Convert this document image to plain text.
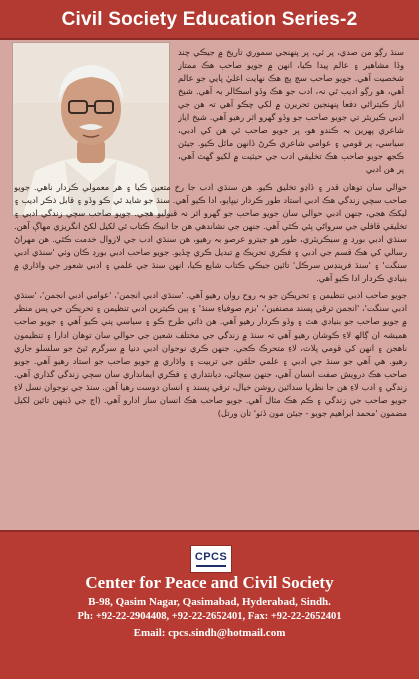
Civil Society Education Series-2
سنڌ رڳو من صدي، پر ٽي، پر پنھنجي سموري تاريخ ۾ جيڪي چند وڏا مشاھير ۽ عالم پيدا ڪيا، انھن ۾ جويو صاحب ھڪ ممتاز شخصيت آھي. جويو صاحب سچ پچ ھڪ نھايت اعليٰ پايي جو عالم آھي، ھو رڳو اديب ٿي نہ، ادب جو ھڪ وڏو اسڪالر بہ آھي. شيخ اياز ڪيترائي دفعا پنھنجين تحريرن ۾ لکي چڪو آھي تہ ھن جي ادبي ڪيريئر تي جويو صاحب جو وڏو گھرو اثر رھيو آھي. شيخ اياز شاعري پھرين بہ ڪندو ھو، پر جويو صاحب ٿي ھن کي ادبي، سياسي، پر قومي ۽ عوامي شاعري ڪرڻ ڏانھن مائل ڪيو. جيئن ڪجھ جويو صاحب ھڪ تخليقي ادب جي حيثيت ۾ لکيو گھٽ آھي، پر ھن ادبي

حوالي سان توھان قدر ۽ ڏاڍو تخليق ڪيو. ھن سنڌي ادب جا رخ متعين ڪيا ۽ ھر معمولي ڪردار ناھي. جويو صاحب سچي زندگي ھڪ ادبي استاد طور ڪردار نيڀايو، ادا ڪيو آھي. سنڌ جو شايد ئي ڪو وڏو ۽ قابل ذڪر اديب ۽ ليکڪ ھجي، جنھن ادبي حوالي سان جويو صاحب جو گھرو اثر نہ قبوليو ھجي. جويو صاحب سچي زندگي ادبي ۽ تخليقي قافلي جي سرواڻي پئي ڪئي آھي. جنھن جي نشاندھي ھن جا انيڪ ڪتاب ئي لکيل لکڻ انگريزي مھاڳ آھن. سنڌي ادبي بورڊ ۾ سيڪريٽري، طور ھو جيترو عرصو بہ رھيو، ھن سنڌي ادب جي لازوال خدمت ڪئي. ھن مھراڻ رسالي کي ھڪ قسم جي ادبي ۽ فڪري تحريڪ ۾ تبديل ڪري ڇڏيو. جويو صاحب ادبي بورڊ ڪان وٺي 'سنڌي ادبي سنگت' ۽ 'سنڌ فرينڊس سرڪل' تائين جيڪي ڪتاب شايع ڪيا، انھن سنڌ جي علمي ۽ ادبي شعور جي واڌاري ۾ بنيادي ڪردار ادا ڪيو آھي.

جويو صاحب ادبي تنظيمن ۽ تحريڪن جو بہ روح روان رھيو آھي. 'سنڌي ادبي انجمن'، 'عوامي ادبي انجمن'، 'سنڌي ادبي سنگت'، 'انجمن ترقي پسند مصنفين'، 'بزم صوفياءِ سنڌ' ۽ ٻين ڪيترين ادبي تنظيمن ۽ تحريڪن جي پس منظر ۾ جويو صاحب جو بنيادي ھٿ ۽ وڏو ڪردار رھيو آھي. ھن ذاتي طرح ڪو ۽ سياسي پني ڪيو آھي ۽ جويو صاحب ھميشہ ان ڳالھ لاءِ ڪوشان رھيو آھي تہ سنڌ ۾ زندگي جي مختلف شعبن جي حوالي سان توھان ادارا ۽ تنظيمون ناھجن ۽ انھن کي قومي پلاٽ، لاءِ متحرڪ ڪجي. جنھن ڪري نوجوان ادبي دنيا ۾ سرگرم ٿيڻ جو سلسلو جاري رھيو. ھي آھي جو سنڌ جي ادبي ۽ علمي حلقن جي تربيت ۽ واڌاري ۾ جويو صاحب جو استاد رھيو آھي. جويو صاحب ھڪ درويش صفت انسان آھي، جنھن سچائي، ديانتداري ۽ فڪري ايمانداري سان سڄي زندگي گذاري آھي. زندگي ۽ ادب لاءِ ھن جا نظريا سدائين روشن خيال، ترقي پسند ۽ انسان دوست رھيا آھن. سنڌ جي نوجوان نسل لاءِ جويو صاحب جي زندگي ۽ ڪم ھڪ مثال آھي. جويو صاحب ھڪ انسان ساز ادارو آھي. (اڄ جي ڏينھن تائين لکيل مضمون 'محمد ابراھيم جويو - جيئن مون ڏٺو' تان ورتل)

CPCS
Center for Peace and Civil Society
B-98, Qasim Nagar, Qasimabad, Hyderabad, Sindh.
Ph: +92-22-2904408, +92-22-2652401, Fax: +92-22-2652401
Email: cpcs.sindh@hotmail.com
